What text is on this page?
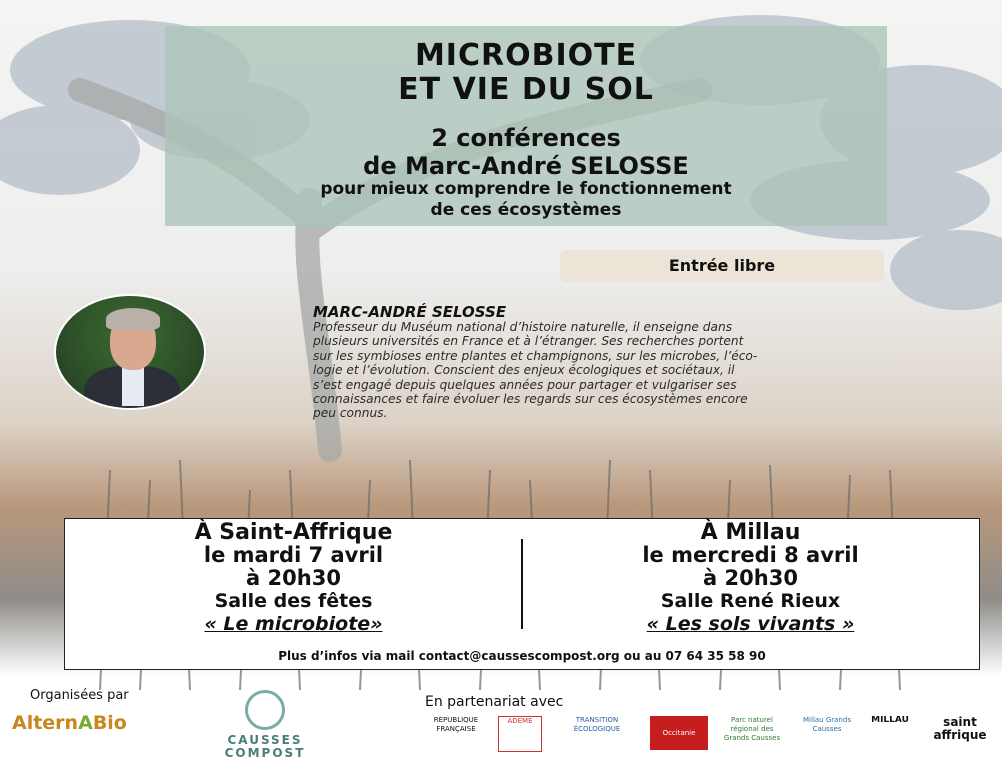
MICROBIOTE
ET VIE DU SOL
2 conférences
de Marc-André SELOSSE
pour mieux comprendre le fonctionnement
de ces écosystèmes
Entrée libre
MARC-ANDRÉ SELOSSE
Professeur du Muséum national d’histoire naturelle, il enseigne dans
plusieurs universités en France et à l’étranger. Ses recherches portent
sur les symbioses entre plantes et champignons, sur les microbes, l’éco-
logie et l’évolution. Conscient des enjeux écologiques et sociétaux, il
s’est engagé depuis quelques années pour partager et vulgariser ses
connaissances et faire évoluer les regards sur ces écosystèmes encore
peu connus.
À Saint-Affrique
le mardi 7 avril
à 20h30
Salle des fêtes
« Le microbiote»
À Millau
le mercredi 8 avril
à 20h30
Salle René Rieux
« Les sols vivants »
Plus d’infos via mail contact@caussescompost.org ou au 07 64 35 58 90
Organisées par
AlternABio
CAUSSES
COMPOST
En partenariat avec
RÉPUBLIQUE FRANÇAISE
ADEME	TRANSITION ÉCOLOGIQUE	Occitanie
Parc naturel régional des Grands Causses
Millau Grands Causses
MILLAU	saint affrique
